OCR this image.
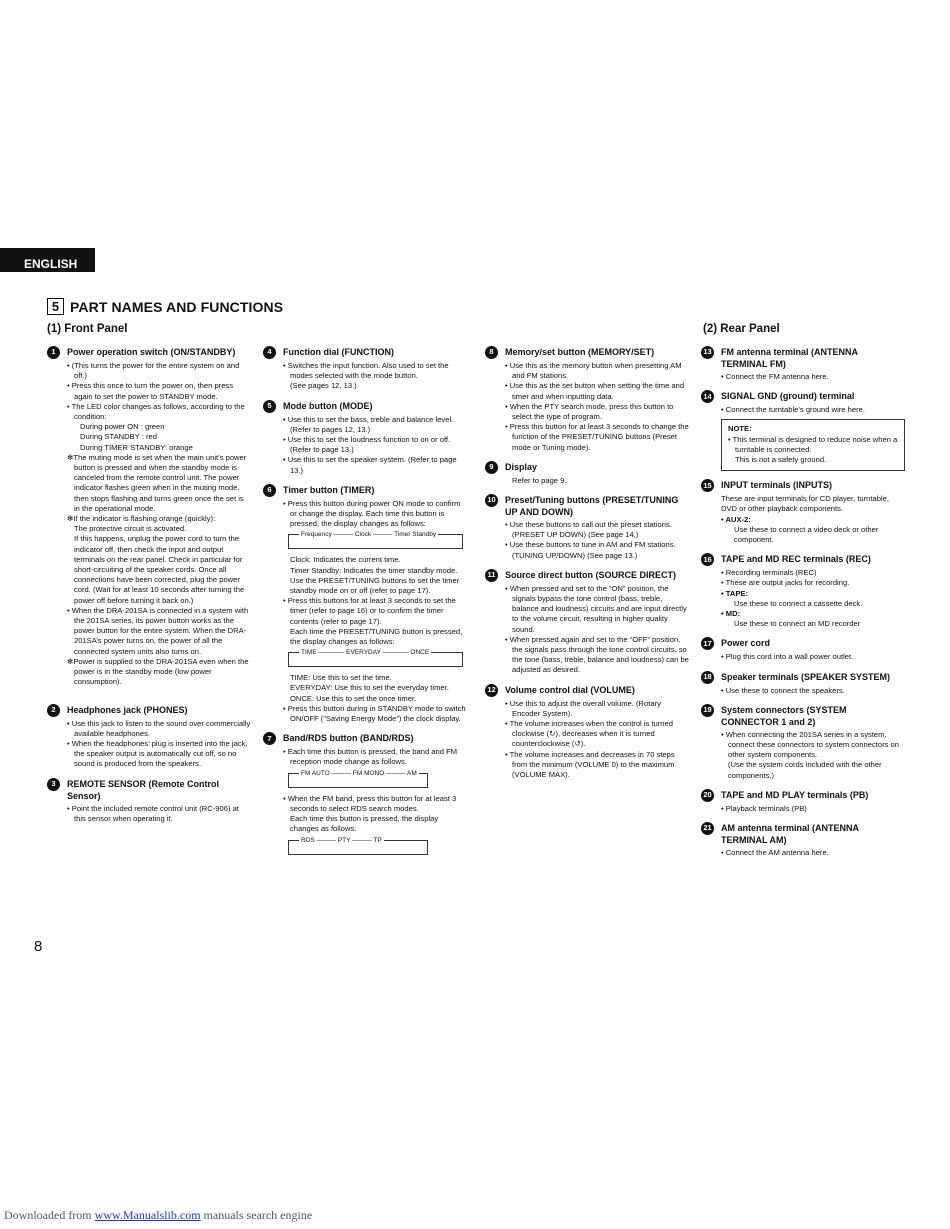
ENGLISH
5 PART NAMES AND FUNCTIONS
(1) Front Panel	(2) Rear Panel
1	Power operation switch (ON/STANDBY)
• (This turns the power for the entire system on and off.)
• Press this once to turn the power on, then press again to set the power to STANDBY mode.
• The LED color changes as follows, according to the condition:
During power ON : green
During STANDBY : red
During TIMER STANDBY: orange
✻The muting mode is set when the main unit’s power button is pressed and when the standby mode is canceled from the remote control unit. The power indicator flashes green when in the muting mode, then stops flashing and turns green once the set is in the operational mode.
✻If the indicator is flashing orange (quickly):
The protective circuit is activated.
If this happens, unplug the power cord to turn the indicator off, then check the input and output terminals on the rear panel. Check in particular for short-circuiting of the speaker cords. Once all connections have been corrected, plug the power cord. (Wait for at least 10 seconds after turning the power off before turning it back on.)
• When the DRA-201SA is connected in a system with the 201SA series, its power button works as the power button for the entire system. When the DRA-201SA’s power turns on, the power of all the connected system units also turns on.
✻Power is supplied to the DRA-201SA even when the power is in the standby mode (low power consumption).
2	Headphones jack (PHONES)
• Use this jack to listen to the sound over commercially available headphones.
• When the headphones’ plug is inserted into the jack, the speaker output is automatically cut off, so no sound is produced from the speakers.
3	REMOTE SENSOR (Remote Control Sensor)
• Point the included remote control unit (RC-906) at this sensor when operating it.
4	Function dial (FUNCTION)
• Switches the input function. Also used to set the modes selected with the mode button.
(See pages 12, 13.)
5	Mode button (MODE)
• Use this to set the bass, treble and balance level. (Refer to pages 12, 13.)
• Use this to set the loudness function to on or off. (Refer to page 13.)
• Use this to set the speaker system. (Refer to page 13.)
6	Timer button (TIMER)
• Press this button during power ON mode to confirm or change the display. Each time this button is pressed, the display changes as follows:
Frequency ——— Clock ——— Timer Standby
Clock: Indicates the current time.
Timer Standby: Indicates the timer standby mode. Use the PRESET/TUNING buttons to set the timer standby mode on or off (refer to page 17).
• Press this buttons for at least 3 seconds to set the timer (refer to page 16) or to confirm the timer contents (refer to page 17).
Each time the PRESET/TUNING button is pressed, the display changes as follows:
TIME ———— EVERYDAY ———— ONCE
TIME: Use this to set the time.
EVERYDAY: Use this to set the everyday timer.
ONCE: Use this to set the once timer.
• Press this button during in STANDBY mode to switch ON/OFF (“Saving Energy Mode”) the clock display.
7	Band/RDS button (BAND/RDS)
• Each time this button is pressed, the band and FM reception mode change as follows.
FM AUTO ——— FM MONO ——— AM
• When the FM band, press this button for at least 3 seconds to select RDS search modes.
Each time this button is pressed, the display changes as follows:
RDS ——— PTY ——— TP
8	Memory/set button (MEMORY/SET)
• Use this as the memory button when presetting AM and FM stations.
• Use this as the set button when setting the time and timer and when inputting data.
• When the PTY search mode, press this button to select the type of program.
• Press this button for at least 3 seconds to change the function of the PRESET/TUNING buttons (Preset mode or Tuning mode).
9	Display
Refer to page 9.
10	Preset/Tuning buttons (PRESET/TUNING UP AND DOWN)
• Use these buttons to call out the preset stations. (PRESET UP DOWN) (See page 14.)
• Use these buttons to tune in AM and FM stations. (TUNING UP/DOWN) (See page 13.)
11	Source direct button (SOURCE DIRECT)
• When pressed and set to the “ON” position, the signals bypass the tone control (bass, treble, balance and loudness) circuits and are input directly to the volume circuit, resulting in higher quality sound.
• When pressed again and set to the “OFF” position, the signals pass through the tone control circuits, so the tone (bass, treble, balance and loudness) can be adjusted as desired.
12	Volume control dial (VOLUME)
• Use this to adjust the overall volume. (Rotary Encoder System).
• The volume increases when the control is turned clockwise (↻), decreases when it is turned counterclockwise (↺).
• The volume increases and decreases in 70 steps from the minimum (VOLUME 0) to the maximum (VOLUME MAX).
13	FM antenna terminal (ANTENNA TERMINAL FM)
• Connect the FM antenna here.
14	SIGNAL GND (ground) terminal
• Connect the turntable’s ground wire here.
NOTE:
• This terminal is designed to reduce noise when a turntable is connected.
This is not a safety ground.
15	INPUT terminals (INPUTS)
These are input terminals for CD player, turntable, DVD or other playback components.
• AUX-2:
Use these to connect a video deck or other component.
16	TAPE and MD REC terminals (REC)
• Recording terminals (REC)
• These are output jacks for recording.
• TAPE:
Use these to connect a cassette deck.
• MD:
Use these to connect an MD recorder
17	Power cord
• Plug this cord into a wall power outlet.
18	Speaker terminals (SPEAKER SYSTEM)
• Use these to connect the speakers.
19	System connectors (SYSTEM CONNECTOR 1 and 2)
• When connecting the 201SA series in a system, connect these connectors to system connectors on other system components.
(Use the system cords included with the other components.)
20	TAPE and MD PLAY terminals (PB)
• Playback terminals (PB)
21	AM antenna terminal (ANTENNA TERMINAL AM)
• Connect the AM antenna here.
8
Downloaded from www.Manualslib.com manuals search engine
